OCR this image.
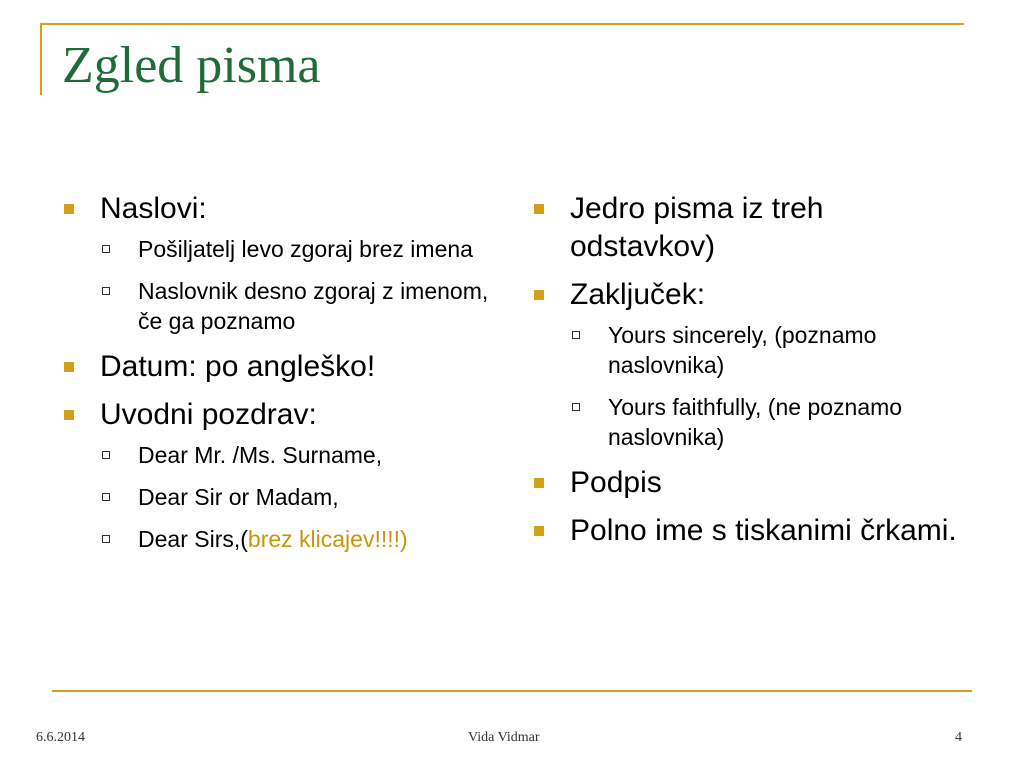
Zgled pisma
Naslovi:
Pošiljatelj levo zgoraj brez imena
Naslovnik desno zgoraj z imenom, če ga poznamo
Datum: po angleško!
Uvodni pozdrav:
Dear Mr. /Ms. Surname,
Dear Sir or Madam,
Dear Sirs,(brez klicajev!!!!)
Jedro pisma iz treh odstavkov)
Zaključek:
Yours sincerely, (poznamo naslovnika)
Yours faithfully, (ne poznamo naslovnika)
Podpis
Polno ime s tiskanimi črkami.
6.6.2014	Vida Vidmar	4
